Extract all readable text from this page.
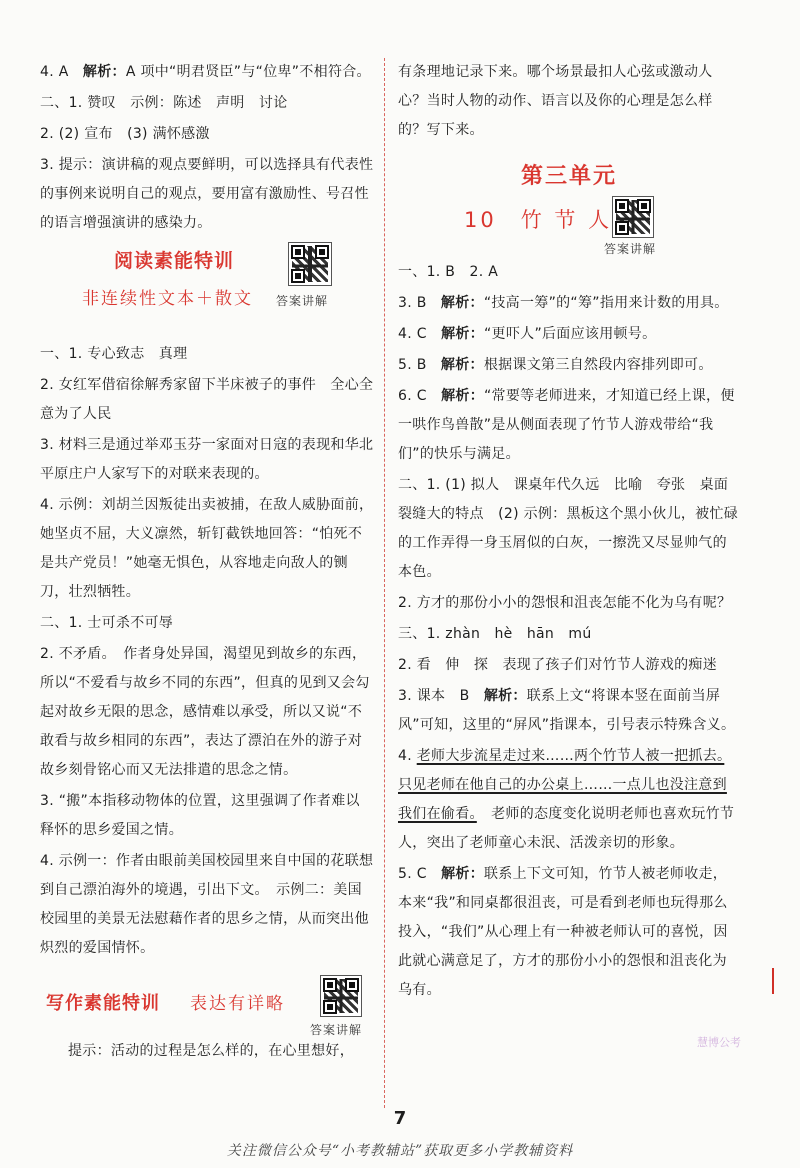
4. A　 解析：A 项中“明君贤臣”与“位卑”不相符合。

二、1. 赞叹　示例：陈述　声明　讨论

2. (2) 宣布　(3) 满怀感激

3. 提示：演讲稿的观点要鲜明，可以选择具有代表性的事例来说明自己的观点，要用富有激励性、号召性的语言增强演讲的感染力。

阅读素能特训
非连续性文本＋散文 答案讲解

一、1. 专心致志　真理

2. 女红军借宿徐解秀家留下半床被子的事件　全心全意为了人民

3. 材料三是通过举邓玉芬一家面对日寇的表现和华北平原庄户人家写下的对联来表现的。

4. 示例：刘胡兰因叛徒出卖被捕，在敌人威胁面前，她坚贞不屈，大义凛然，斩钉截铁地回答：“怕死不是共产党员！”她毫无惧色，从容地走向敌人的铡刀，壮烈牺牲。

二、1. 士可杀不可辱

2. 不矛盾。　作者身处异国，渴望见到故乡的东西，所以“不爱看与故乡不同的东西”，但真的见到又会勾起对故乡无限的思念，感情难以承受，所以又说“不敢看与故乡相同的东西”，表达了漂泊在外的游子对故乡刻骨铭心而又无法排遣的思念之情。

3. “搬”本指移动物体的位置，这里强调了作者难以释怀的思乡爱国之情。

4. 示例一：作者由眼前美国校园里来自中国的花联想到自己漂泊海外的境遇，引出下文。　示例二：美国校园里的美景无法慰藉作者的思乡之情，从而突出他炽烈的爱国情怀。

写作素能特训 表达有详略
答案讲解

提示：活动的过程是怎么样的，在心里想好，

有条理地记录下来。哪个场景最扣人心弦或激动人心？当时人物的动作、语言以及你的心理是怎么样的？写下来。

第三单元
10　竹 节 人
答案讲解

一、1. B　2. A

3. B　解析：“技高一筹”的“筹”指用来计数的用具。

4. C　解析：“更吓人”后面应该用顿号。

5. B　解析：根据课文第三自然段内容排列即可。

6. C　解析：“常要等老师进来，才知道已经上课，便一哄作鸟兽散”是从侧面表现了竹节人游戏带给“我们”的快乐与满足。

二、1. (1) 拟人　课桌年代久远　比喻　夸张　桌面裂缝大的特点　(2) 示例：黑板这个黑小伙儿，被忙碌的工作弄得一身玉屑似的白灰，一擦洗又尽显帅气的本色。

2. 方才的那份小小的怨恨和沮丧怎能不化为乌有呢？

三、1. zhàn　hè　hān　mú

2. 看　伸　探　表现了孩子们对竹节人游戏的痴迷

3. 课本　B　解析：联系上文“将课本竖在面前当屏风”可知，这里的“屏风”指课本，引号表示特殊含义。

4. 老师大步流星走过来……两个竹节人被一把抓去。　只见老师在他自己的办公桌上……一点儿也没注意到我们在偷看。　老师的态度变化说明老师也喜欢玩竹节人，突出了老师童心未泯、活泼亲切的形象。

5. C　解析：联系上下文可知，竹节人被老师收走，本来“我”和同桌都很沮丧，可是看到老师也玩得那么投入，“我们”从心理上有一种被老师认可的喜悦，因此就心满意足了，方才的那份小小的怨恨和沮丧化为乌有。

慧博公考
7
关注微信公众号“小考教辅站”获取更多小学教辅资料
